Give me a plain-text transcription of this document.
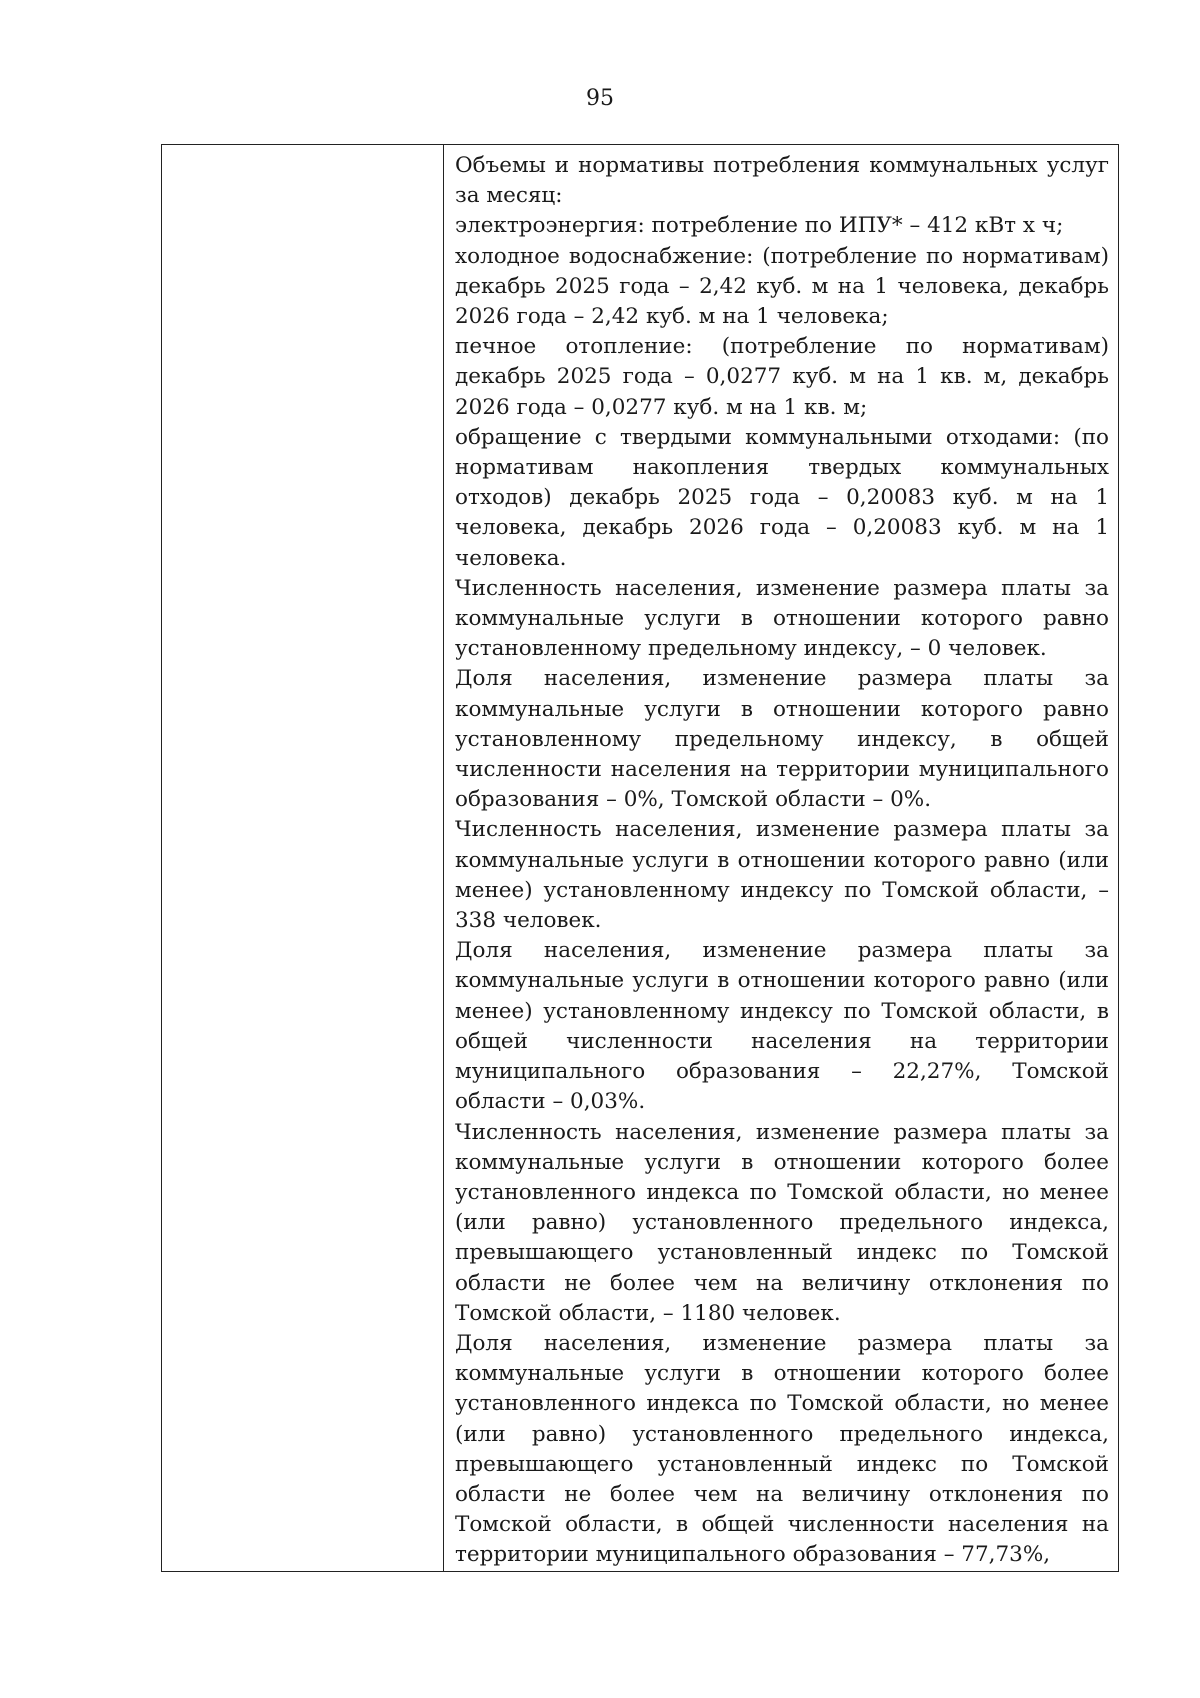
95

Объемы и нормативы потребления коммунальных услуг за месяц:

электроэнергия: потребление по ИПУ* – 412 кВт х ч;

холодное водоснабжение: (потребление по нормативам) декабрь 2025 года – 2,42 куб. м на 1 человека, декабрь 2026 года – 2,42 куб. м на 1 человека;

печное отопление: (потребление по нормативам) декабрь 2025 года – 0,0277 куб. м на 1 кв. м, декабрь 2026 года – 0,0277 куб. м на 1 кв. м;

обращение с твердыми коммунальными отходами: (по нормативам накопления твердых коммунальных отходов) декабрь 2025 года – 0,20083 куб. м на 1 человека, декабрь 2026 года – 0,20083 куб. м на 1 человека.

Численность населения, изменение размера платы за коммунальные услуги в отношении которого равно установленному предельному индексу, – 0 человек.

Доля населения, изменение размера платы за коммунальные услуги в отношении которого равно установленному предельному индексу, в общей численности населения на территории муниципального образования – 0%, Томской области – 0%.

Численность населения, изменение размера платы за коммунальные услуги в отношении которого равно (или менее) установленному индексу по Томской области, – 338 человек.

Доля населения, изменение размера платы за коммунальные услуги в отношении которого равно (или менее) установленному индексу по Томской области, в общей численности населения на территории муниципального образования – 22,27%, Томской области – 0,03%.

Численность населения, изменение размера платы за коммунальные услуги в отношении которого более установленного индекса по Томской области, но менее (или равно) установленного предельного индекса, превышающего установленный индекс по Томской области не более чем на величину отклонения по Томской области, – 1180 человек.

Доля населения, изменение размера платы за коммунальные услуги в отношении которого более установленного индекса по Томской области, но менее (или равно) установленного предельного индекса, превышающего установленный индекс по Томской области не более чем на величину отклонения по Томской области, в общей численности населения на территории муниципального образования – 77,73%,
